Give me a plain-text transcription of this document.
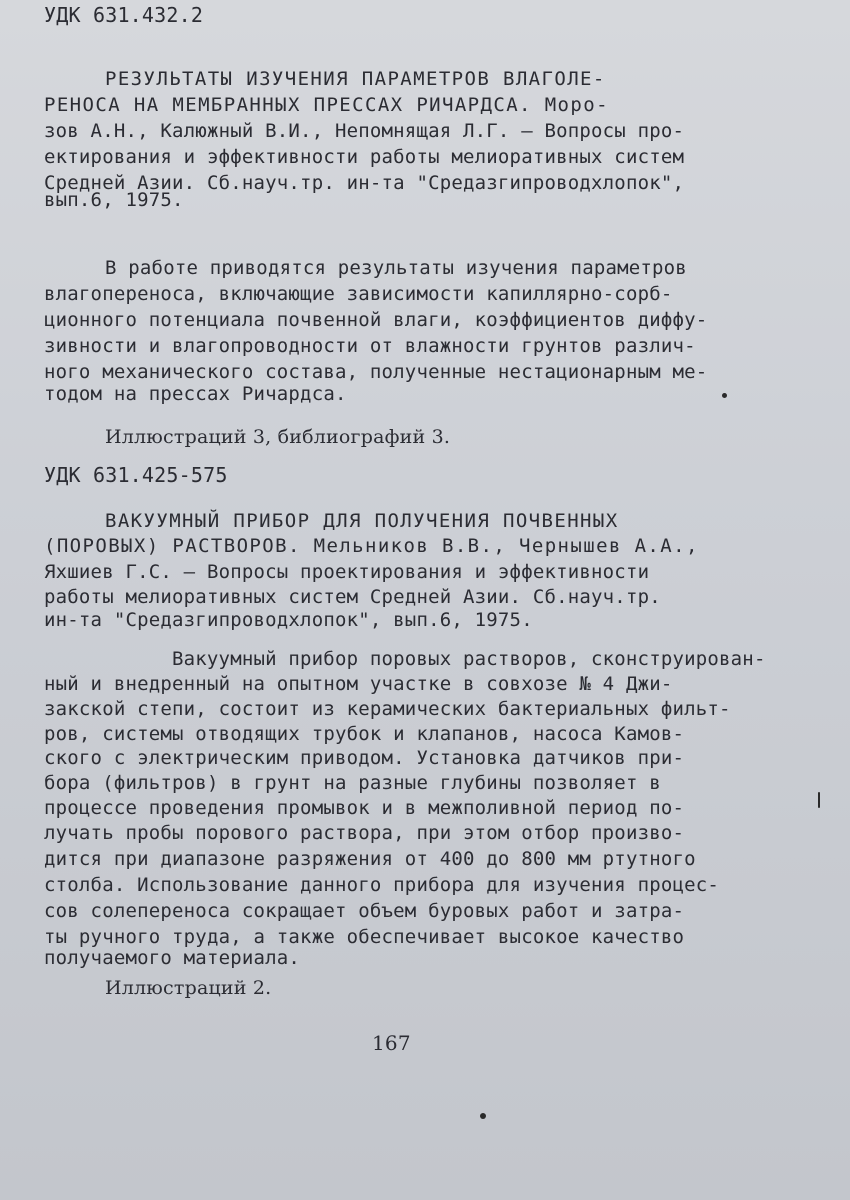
УДК 631.432.2
РЕЗУЛЬТАТЫ ИЗУЧЕНИЯ ПАРАМЕТРОВ ВЛАГОЛЕ-
РЕНОСА НА МЕМБРАННЫХ ПРЕССАХ РИЧАРДСА. Моро-
зов А.Н., Калюжный В.И., Непомнящая Л.Г. – Вопросы про-
ектирования и эффективности работы мелиоративных систем
Средней Азии. Сб.науч.тр. ин-та "Средазгипроводхлопок",
вып.6, 1975.
В работе приводятся результаты изучения параметров
влагопереноса, включающие зависимости капиллярно-сорб-
ционного потенциала почвенной влаги, коэффициентов диффу-
зивности и влагопроводности от влажности грунтов различ-
ного механического состава, полученные нестационарным ме-
тодом на прессах Ричардса.
Иллюстраций 3, библиографий 3.
УДК 631.425-575
ВАКУУМНЫЙ ПРИБОР ДЛЯ ПОЛУЧЕНИЯ ПОЧВЕННЫХ
(ПОРОВЫХ) РАСТВОРОВ. Мельников В.В., Чернышев А.А.,
Яхшиев Г.С. – Вопросы проектирования и эффективности
работы мелиоративных систем Средней Азии. Сб.науч.тр.
ин-та "Средазгипроводхлопок", вып.6, 1975.
Вакуумный прибор поровых растворов, сконструирован-
ный и внедренный на опытном участке в совхозе № 4 Джи-
закской степи, состоит из керамических бактериальных фильт-
ров, системы отводящих трубок и клапанов, насоса Камов-
ского с электрическим приводом. Установка датчиков при-
бора (фильтров) в грунт на разные глубины позволяет в
процессе проведения промывок и в межполивной период по-
лучать пробы порового раствора, при этом отбор произво-
дится при диапазоне разряжения от 400 до 800 мм ртутного
столба. Использование данного прибора для изучения процес-
сов солепереноса сокращает объем буровых работ и затра-
ты ручного труда, а также обеспечивает высокое качество
получаемого материала.
Иллюстраций 2.
167
